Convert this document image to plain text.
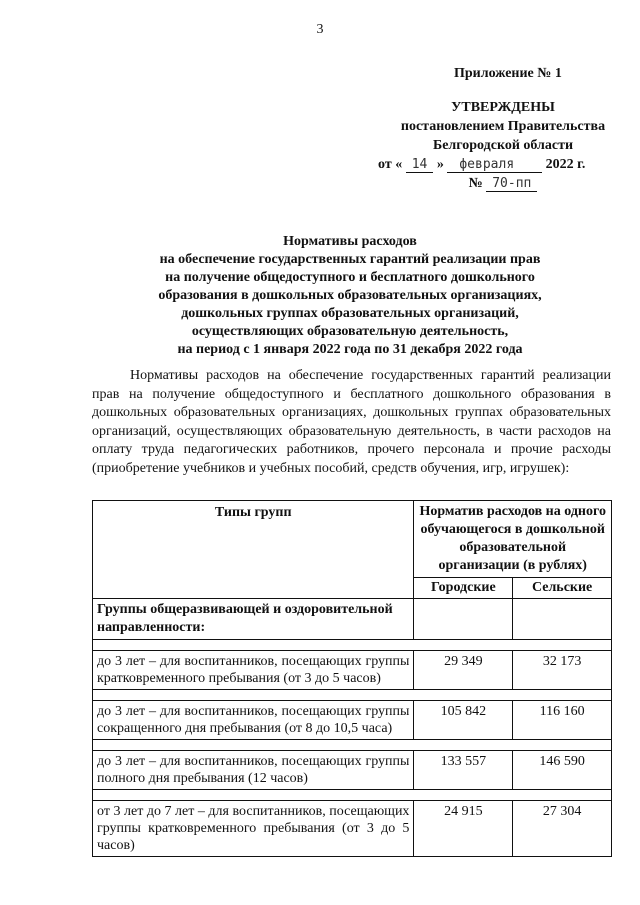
3
Приложение № 1
УТВЕРЖДЕНЫ
постановлением Правительства
Белгородской области
от « 14 » февраля 2022 г.
№ 70-пп
Нормативы расходов
на обеспечение государственных гарантий реализации прав
на получение общедоступного и бесплатного дошкольного
образования в дошкольных образовательных организациях,
дошкольных группах образовательных организаций,
осуществляющих образовательную деятельность,
на период с 1 января 2022 года по 31 декабря 2022 года
Нормативы расходов на обеспечение государственных гарантий реализации прав на получение общедоступного и бесплатного дошкольного образования в дошкольных образовательных организациях, дошкольных группах образовательных организаций, осуществляющих образовательную деятельность, в части расходов на оплату труда педагогических работников, прочего персонала и прочие расходы (приобретение учебников и учебных пособий, средств обучения, игр, игрушек):
Типы групп	Норматив расходов на одного обучающегося в дошкольной образовательной организации (в рублях)	
	Городские	Сельские
Группы общеразвивающей и оздоровительной направленности:		

до 3 лет – для воспитанников, посещающих группы кратковременного пребывания (от 3 до 5 часов)	29 349	32 173

до 3 лет – для воспитанников, посещающих группы сокращенного дня пребывания (от 8 до 10,5 часа)	105 842	116 160

до 3 лет – для воспитанников, посещающих группы полного дня пребывания (12 часов)	133 557	146 590

от 3 лет до 7 лет – для воспитанников, посещающих группы кратковременного пребывания (от 3 до 5 часов)	24 915	27 304
